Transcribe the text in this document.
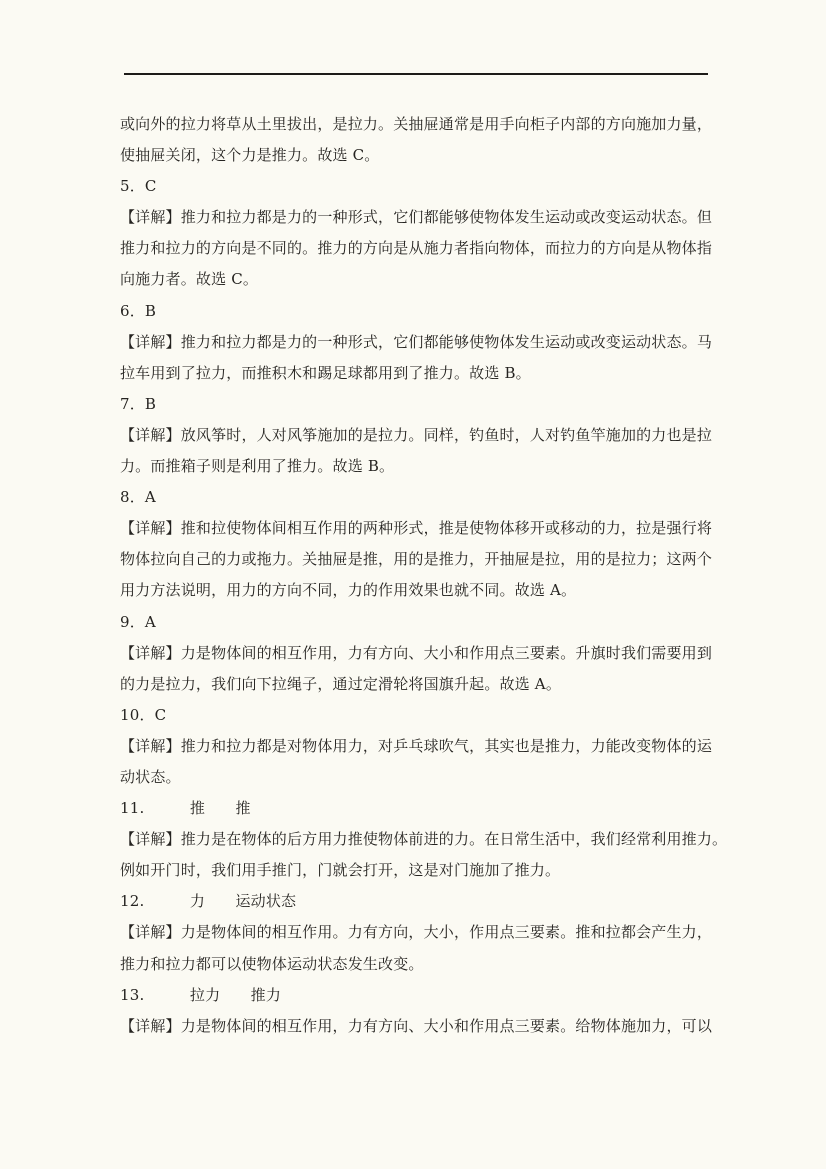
或向外的拉力将草从土里拔出，是拉力。关抽屉通常是用手向柜子内部的方向施加力量，
使抽屉关闭，这个力是推力。故选 C。
5．C
【详解】推力和拉力都是力的一种形式，它们都能够使物体发生运动或改变运动状态。但
推力和拉力的方向是不同的。推力的方向是从施力者指向物体，而拉力的方向是从物体指
向施力者。故选 C。
6．B
【详解】推力和拉力都是力的一种形式，它们都能够使物体发生运动或改变运动状态。马
拉车用到了拉力，而推积木和踢足球都用到了推力。故选 B。
7．B
【详解】放风筝时，人对风筝施加的是拉力。同样，钓鱼时，人对钓鱼竿施加的力也是拉
力。而推箱子则是利用了推力。故选 B。
8．A
【详解】推和拉使物体间相互作用的两种形式，推是使物体移开或移动的力，拉是强行将
物体拉向自己的力或拖力。关抽屉是推，用的是推力，开抽屉是拉，用的是拉力；这两个
用力方法说明，用力的方向不同，力的作用效果也就不同。故选 A。
9．A
【详解】力是物体间的相互作用，力有方向、大小和作用点三要素。升旗时我们需要用到
的力是拉力，我们向下拉绳子，通过定滑轮将国旗升起。故选 A。
10．C
【详解】推力和拉力都是对物体用力，对乒乓球吹气，其实也是推力，力能改变物体的运
动状态。
11.　　　推　　推
【详解】推力是在物体的后方用力推使物体前进的力。在日常生活中，我们经常利用推力。
例如开门时，我们用手推门，门就会打开，这是对门施加了推力。
12.　　　力　　运动状态
【详解】力是物体间的相互作用。力有方向，大小，作用点三要素。推和拉都会产生力，
推力和拉力都可以使物体运动状态发生改变。
13.　　　拉力　　推力
【详解】力是物体间的相互作用，力有方向、大小和作用点三要素。给物体施加力，可以
